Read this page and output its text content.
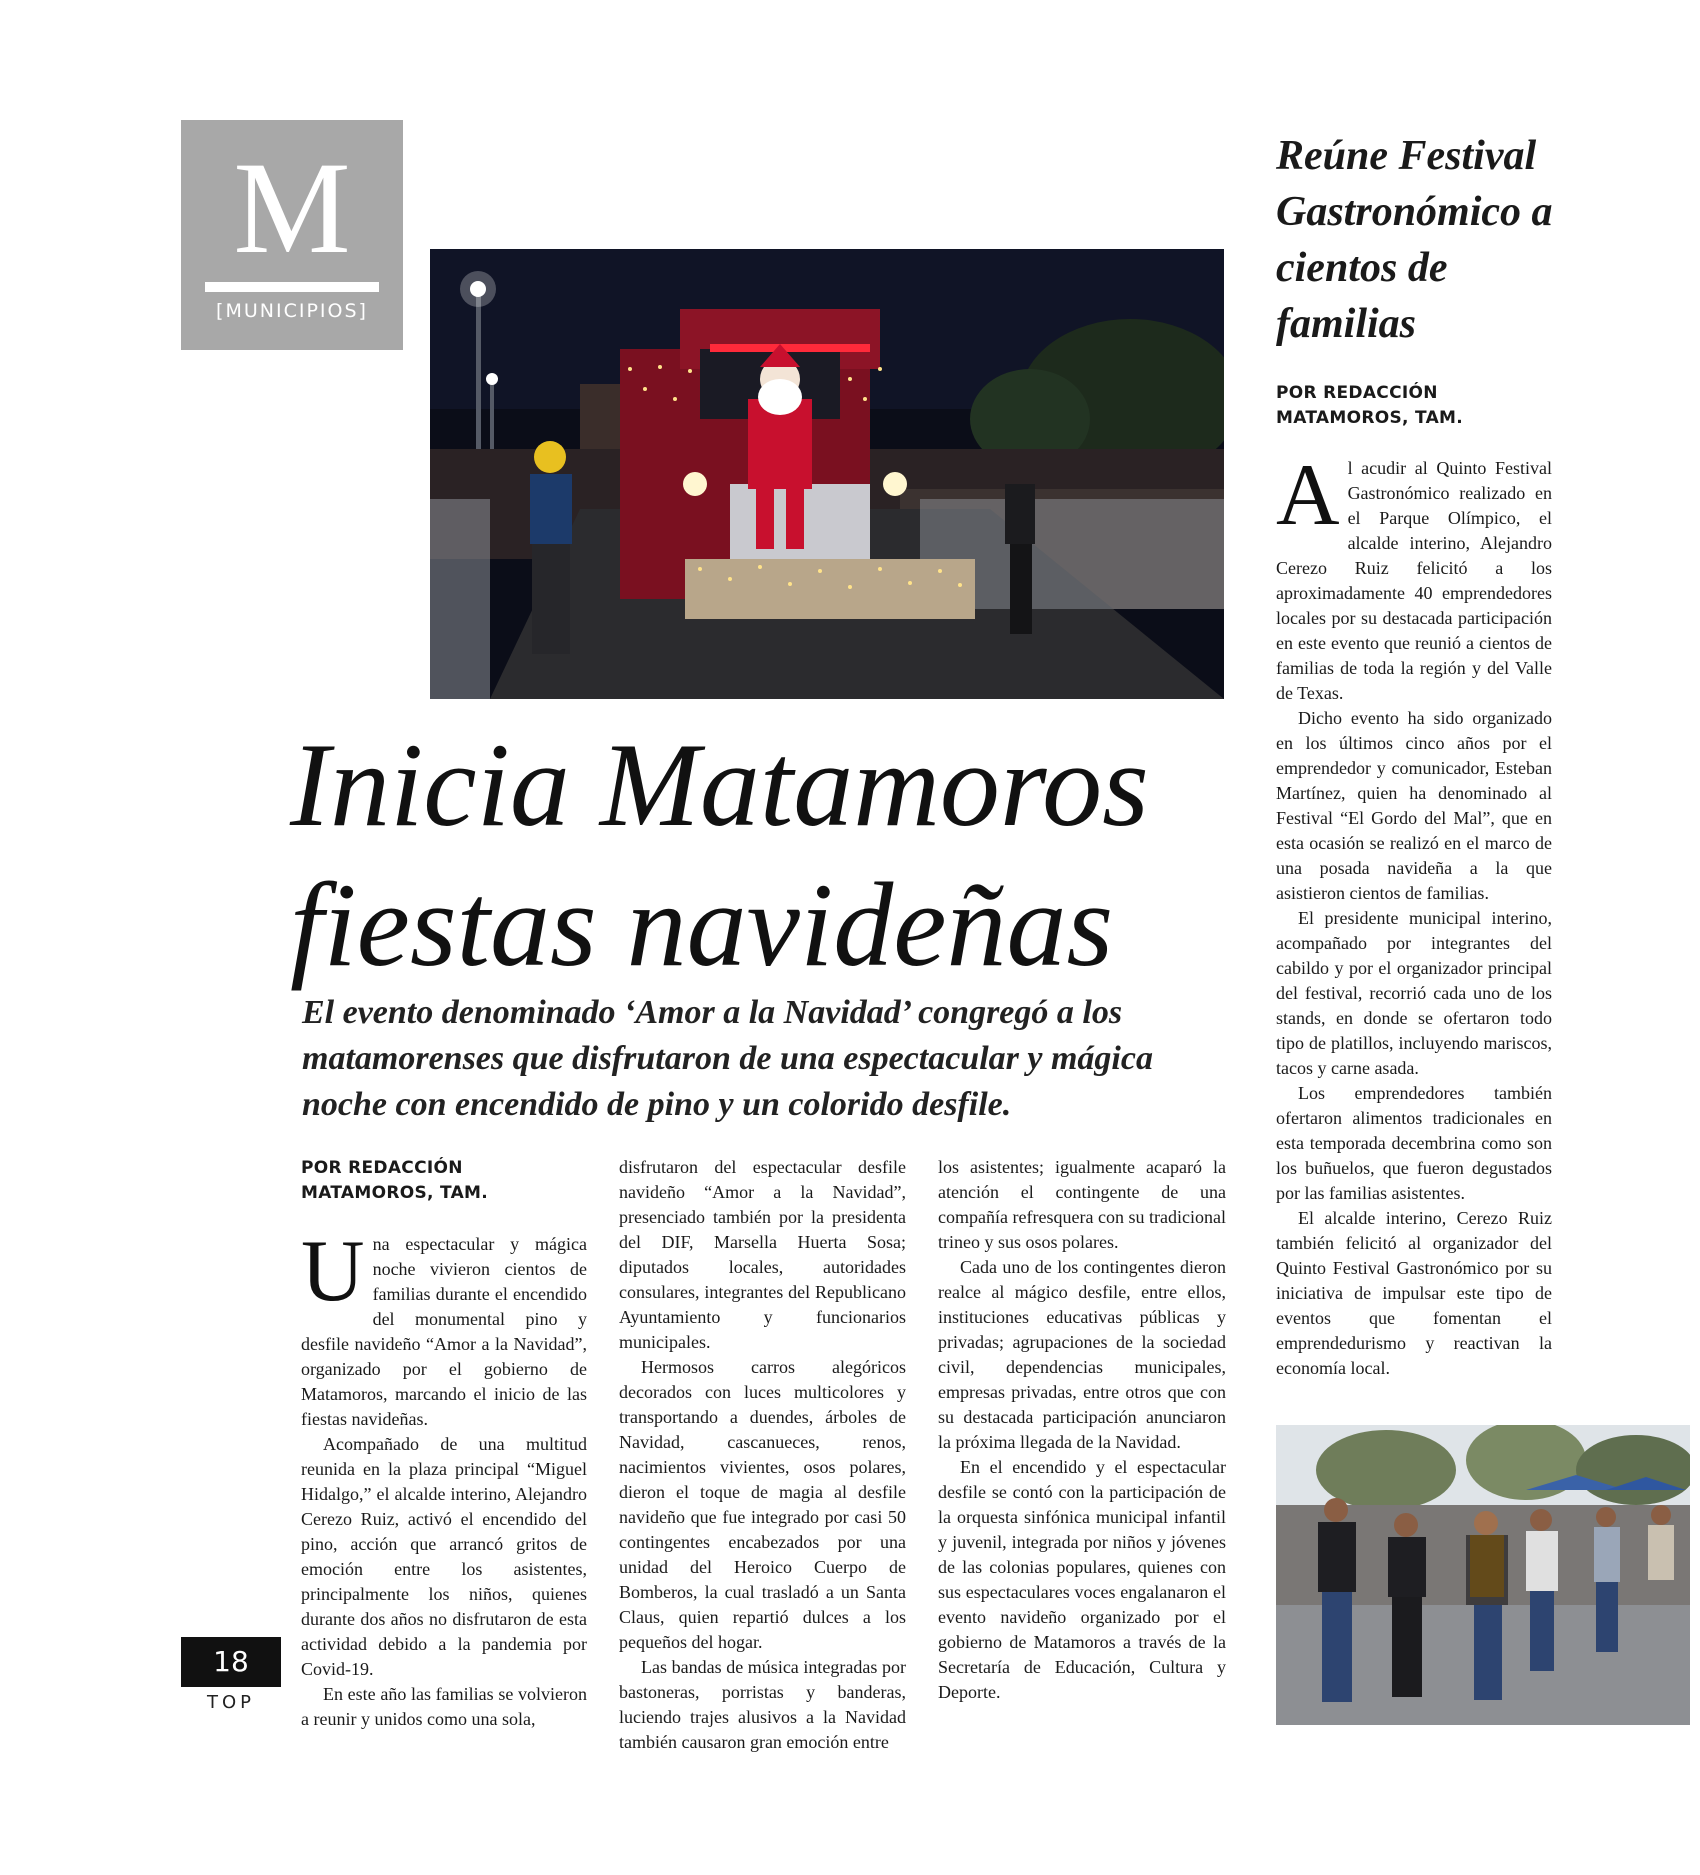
M
[MUNICIPIOS]
Inicia Matamoros
fiestas navideñas

El evento denominado ‘Amor a la Navidad’ congregó a los matamorenses que disfrutaron de una espectacular y mágica noche con encendido de pino y un colorido desfile.

POR REDACCIÓN
MATAMOROS, TAM.

Una espectacular y mágica noche vivieron cientos de familias durante el encendido del monumental pino y desfile navideño “Amor a la Navidad”, organizado por el gobierno de Matamoros, marcando el inicio de las fiestas navideñas.

Acompañado de una multitud reunida en la plaza principal “Miguel Hidalgo,” el alcalde interino, Alejandro Cerezo Ruiz, activó el encendido del pino, acción que arrancó gritos de emoción entre los asistentes, principalmente los niños, quienes durante dos años no disfrutaron de esta actividad debido a la pandemia por Covid-19.

En este año las familias se volvieron a reunir y unidos como una sola,

disfrutaron del espectacular desfile navideño “Amor a la Navidad”, presenciado también por la presidenta del DIF, Marsella Huerta Sosa; diputados locales, autoridades consulares, integrantes del Republicano Ayuntamiento y funcionarios municipales.

Hermosos carros alegóricos decorados con luces multicolores y transportando a duendes, árboles de Navidad, cascanueces, renos, nacimientos vivientes, osos polares, dieron el toque de magia al desfile navideño que fue integrado por casi 50 contingentes encabezados por una unidad del Heroico Cuerpo de Bomberos, la cual trasladó a un Santa Claus, quien repartió dulces a los pequeños del hogar.

Las bandas de música integradas por bastoneras, porristas y banderas, luciendo trajes alusivos a la Navidad también causaron gran emoción entre

los asistentes; igualmente acaparó la atención el contingente de una compañía refresquera con su tradicional trineo y sus osos polares.

Cada uno de los contingentes dieron realce al mágico desfile, entre ellos, instituciones educativas públicas y privadas; agrupaciones de la sociedad civil, dependencias municipales, empresas privadas, entre otros que con su destacada participación anunciaron la próxima llegada de la Navidad.

En el encendido y el espectacular desfile se contó con la participación de la orquesta sinfónica municipal infantil y juvenil, integrada por niños y jóvenes de las colonias populares, quienes con sus espectaculares voces engalanaron el evento navideño organizado por el gobierno de Matamoros a través de la Secretaría de Educación, Cultura y Deporte.

Reúne Festival Gastronómico a cientos de familias
POR REDACCIÓN
MATAMOROS, TAM.

Al acudir al Quinto Festival Gastronómico realizado en el Parque Olímpico, el alcalde interino, Alejandro Cerezo Ruiz felicitó a los aproximadamente 40 emprendedores locales por su destacada participación en este evento que reunió a cientos de familias de toda la región y del Valle de Texas.

Dicho evento ha sido organizado en los últimos cinco años por el emprendedor y comunicador, Esteban Martínez, quien ha denominado al Festival “El Gordo del Mal”, que en esta ocasión se realizó en el marco de una posada navideña a la que asistieron cientos de familias.

El presidente municipal interino, acompañado por integrantes del cabildo y por el organizador principal del festival, recorrió cada uno de los stands, en donde se ofertaron todo tipo de platillos, incluyendo mariscos, tacos y carne asada.

Los emprendedores también ofertaron alimentos tradicionales en esta temporada decembrina como son los buñuelos, que fueron degustados por las familias asistentes.

El alcalde interino, Cerezo Ruiz también felicitó al organizador del Quinto Festival Gastronómico por su iniciativa de impulsar este tipo de eventos que fomentan el emprendedurismo y reactivan la economía local.

18
TOP
